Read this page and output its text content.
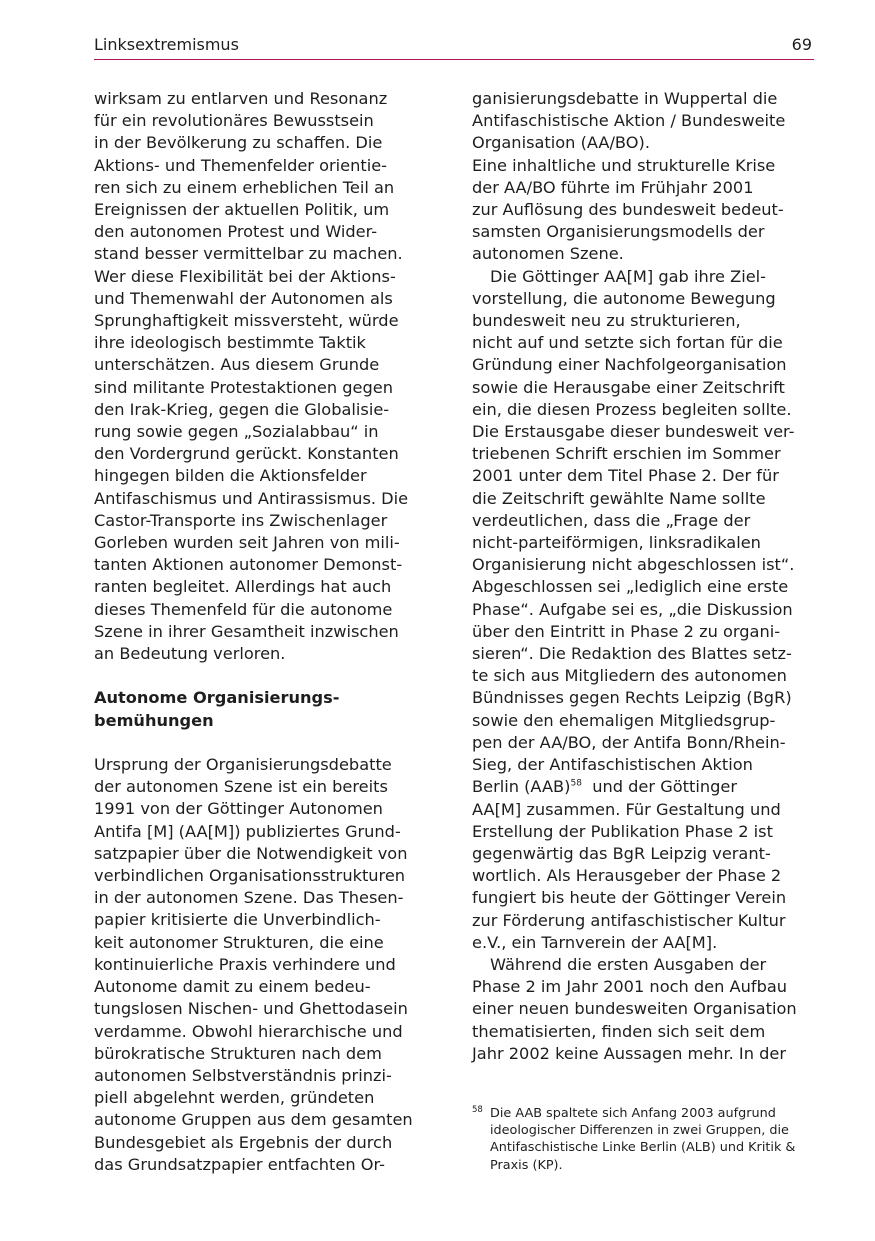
Linksextremismus	69
wirksam zu entlarven und Resonanz
für ein revolutionäres Bewusstsein
in der Bevölkerung zu schaffen. Die
Aktions- und Themenfelder orientie-
ren sich zu einem erheblichen Teil an
Ereignissen der aktuellen Politik, um
den autonomen Protest und Wider-
stand besser vermittelbar zu machen.
Wer diese Flexibilität bei der Aktions-
und Themenwahl der Autonomen als
Sprunghaftigkeit missversteht, würde
ihre ideologisch bestimmte Taktik
unterschätzen. Aus diesem Grunde
sind militante Protestaktionen gegen
den Irak-Krieg, gegen die Globalisie-
rung sowie gegen „Sozialabbau“ in
den Vordergrund gerückt. Konstanten
hingegen bilden die Aktionsfelder
Antifaschismus und Antirassismus. Die
Castor-Transporte ins Zwischenlager
Gorleben wurden seit Jahren von mili-
tanten Aktionen autonomer Demonst-
ranten begleitet. Allerdings hat auch
dieses Themenfeld für die autonome
Szene in ihrer Gesamtheit inzwischen
an Bedeutung verloren.
Autonome Organisierungs-
bemühungen
Ursprung der Organisierungsdebatte
der autonomen Szene ist ein bereits
1991 von der Göttinger Autonomen
Antifa [M] (AA[M]) publiziertes Grund-
satzpapier über die Notwendigkeit von
verbindlichen Organisationsstrukturen
in der autonomen Szene. Das Thesen-
papier kritisierte die Unverbindlich-
keit autonomer Strukturen, die eine
kontinuierliche Praxis verhindere und
Autonome damit zu einem bedeu-
tungslosen Nischen- und Ghettodasein
verdamme. Obwohl hierarchische und
bürokratische Strukturen nach dem
autonomen Selbstverständnis prinzi-
piell abgelehnt werden, gründeten
autonome Gruppen aus dem gesamten
Bundesgebiet als Ergebnis der durch
das Grundsatzpapier entfachten Or-
ganisierungsdebatte in Wuppertal die
Antifaschistische Aktion / Bundesweite
Organisation (AA/BO).
Eine inhaltliche und strukturelle Krise
der AA/BO führte im Frühjahr 2001
zur Auflösung des bundesweit bedeut-
samsten Organisierungsmodells der
autonomen Szene.
Die Göttinger AA[M] gab ihre Ziel-
vorstellung, die autonome Bewegung
bundesweit neu zu strukturieren,
nicht auf und setzte sich fortan für die
Gründung einer Nachfolgeorganisation
sowie die Herausgabe einer Zeitschrift
ein, die diesen Prozess begleiten sollte.
Die Erstausgabe dieser bundesweit ver-
triebenen Schrift erschien im Sommer
2001 unter dem Titel Phase 2. Der für
die Zeitschrift gewählte Name sollte
verdeutlichen, dass die „Frage der
nicht-parteiförmigen, linksradikalen
Organisierung nicht abgeschlossen ist“.
Abgeschlossen sei „lediglich eine erste
Phase“. Aufgabe sei es, „die Diskussion
über den Eintritt in Phase 2 zu organi-
sieren“. Die Redaktion des Blattes setz-
te sich aus Mitgliedern des autonomen
Bündnisses gegen Rechts Leipzig (BgR)
sowie den ehemaligen Mitgliedsgrup-
pen der AA/BO, der Antifa Bonn/Rhein-
Sieg, der Antifaschistischen Aktion
Berlin (AAB)$^{58}$  und der Göttinger
AA[M] zusammen. Für Gestaltung und
Erstellung der Publikation Phase 2 ist
gegenwärtig das BgR Leipzig verant-
wortlich. Als Herausgeber der Phase 2
fungiert bis heute der Göttinger Verein
zur Förderung antifaschistischer Kultur
e.V., ein Tarnverein der AA[M].
Während die ersten Ausgaben der
Phase 2 im Jahr 2001 noch den Aufbau
einer neuen bundesweiten Organisation
thematisierten, finden sich seit dem
Jahr 2002 keine Aussagen mehr. In der
58 Die AAB spaltete sich Anfang 2003 aufgrund
ideologischer Differenzen in zwei Gruppen, die
Antifaschistische Linke Berlin (ALB) und Kritik &
Praxis (KP).
